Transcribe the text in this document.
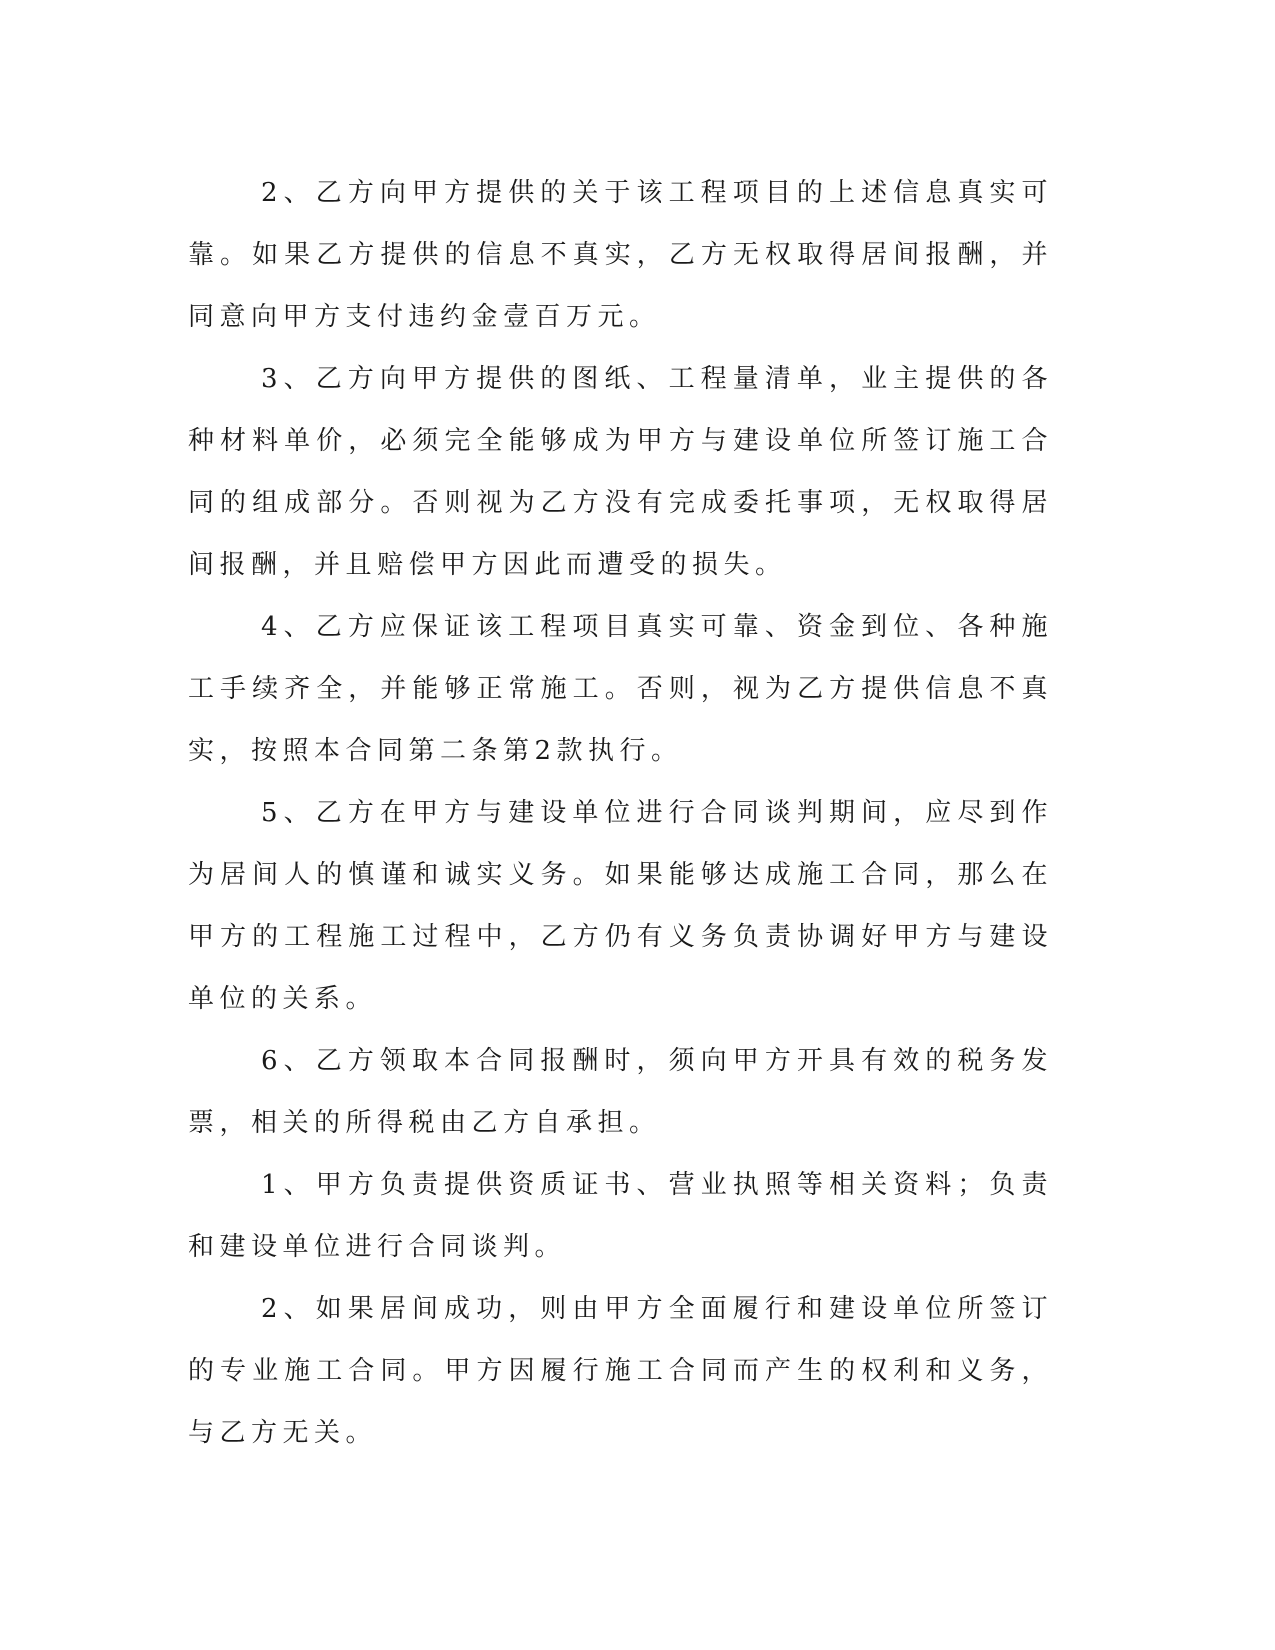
2、乙方向甲方提供的关于该工程项目的上述信息真实可靠。如果乙方提供的信息不真实，乙方无权取得居间报酬，并同意向甲方支付违约金壹百万元。

3、乙方向甲方提供的图纸、工程量清单，业主提供的各种材料单价，必须完全能够成为甲方与建设单位所签订施工合同的组成部分。否则视为乙方没有完成委托事项，无权取得居间报酬，并且赔偿甲方因此而遭受的损失。

4、乙方应保证该工程项目真实可靠、资金到位、各种施工手续齐全，并能够正常施工。否则，视为乙方提供信息不真实，按照本合同第二条第2款执行。

5、乙方在甲方与建设单位进行合同谈判期间，应尽到作为居间人的慎谨和诚实义务。如果能够达成施工合同，那么在甲方的工程施工过程中，乙方仍有义务负责协调好甲方与建设单位的关系。

6、乙方领取本合同报酬时，须向甲方开具有效的税务发票，相关的所得税由乙方自承担。

1、甲方负责提供资质证书、营业执照等相关资料；负责和建设单位进行合同谈判。

2、如果居间成功，则由甲方全面履行和建设单位所签订的专业施工合同。甲方因履行施工合同而产生的权利和义务，与乙方无关。
